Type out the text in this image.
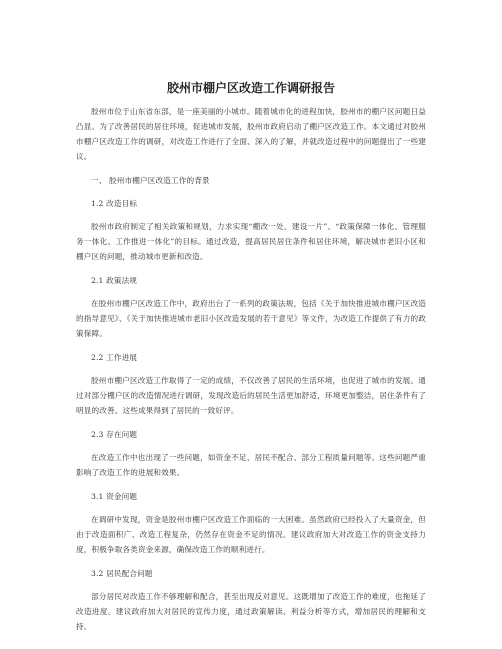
胶州市棚户区改造工作调研报告

胶州市位于山东省东部，是一座美丽的小城市。随着城市化的进程加快，胶州市的棚户区问题日益凸显。为了改善居民的居住环境，促进城市发展，胶州市政府启动了棚户区改造工作。本文通过对胶州市棚户区改造工作的调研，对改造工作进行了全面、深入的了解，并就改造过程中的问题提出了一些建议。

一、 胶州市棚户区改造工作的背景

1.2 改造目标

胶州市政府制定了相关政策和规划，力求实现“棚改一处、建设一片”、“政策保障一体化、管理服务一体化、工作推进一体化”的目标。通过改造，提高居民居住条件和居住环境，解决城市老旧小区和棚户区的问题，推动城市更新和改造。

2.1 政策法规

在胶州市棚户区改造工作中，政府出台了一系列的政策法规，包括《关于加快推进城市棚户区改造的指导意见》、《关于加快推进城市老旧小区改造发展的若干意见》等文件，为改造工作提供了有力的政策保障。

2.2 工作进展

胶州市棚户区改造工作取得了一定的成绩，不仅改善了居民的生活环境，也促进了城市的发展。通过对部分棚户区的改造情况进行调研，发现改造后的居民生活更加舒适，环境更加整洁，居住条件有了明显的改善。这些成果得到了居民的一致好评。

2.3 存在问题

在改造工作中也出现了一些问题，如资金不足、居民不配合、部分工程质量问题等。这些问题严重影响了改造工作的进展和效果。

3.1 资金问题

在调研中发现，资金是胶州市棚户区改造工作面临的一大困难。虽然政府已经投入了大量资金，但由于改造面积广、改造工程复杂，仍然存在资金不足的情况。建议政府加大对改造工作的资金支持力度，积极争取各类资金来源，确保改造工作的顺利进行。

3.2 居民配合问题

部分居民对改造工作不够理解和配合，甚至出现反对意见。这既增加了改造工作的难度，也拖延了改造进度。建议政府加大对居民的宣传力度，通过政策解读、利益分析等方式，增加居民的理解和支持。
